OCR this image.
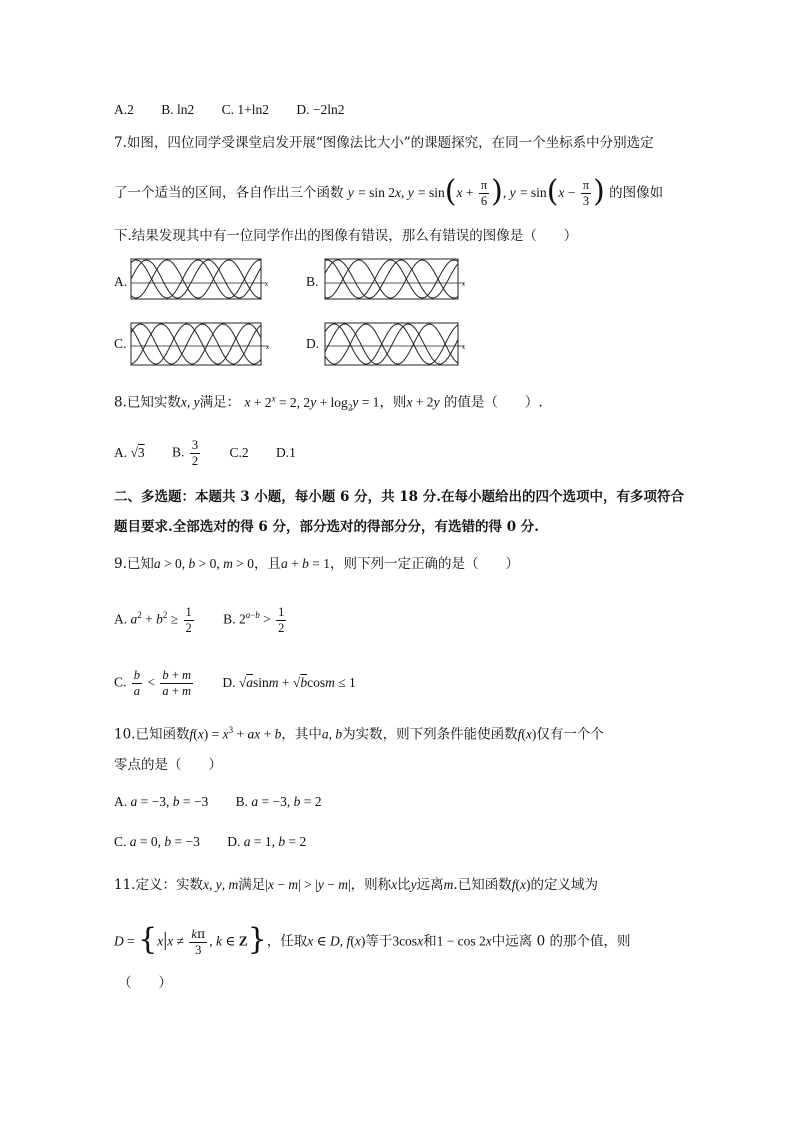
A.2 B. ln2 C. 1+ln2 D. −2ln2
7.如图，四位同学受课堂启发开展“图像法比大小”的课题探究，在同一个坐标系中分别选定
了一个适当的区间，各自作出三个函数 y = sin 2x, $y = \sin(x + \frac{\pi}{6}$ ), $y = \sin(x - \frac{\pi}{3}$ ) 的图像如
下.结果发现其中有一位同学作出的图像有错误，那么有错误的图像是（　　）
A.	B.
C.	D.
x	x
x	x
8.已知实数x, y满足： $x + 2^x = 2$, $2y + \log_2y = 1$，则x + 2y 的值是（　　）.
A. √3 B. $\frac{3}{2} C.2$ D.1
二、多选题：本题共 3 小题，每小题 6 分，共 18 分.在每小题给出的四个选项中，有多项符合
题目要求.全部选对的得 6 分，部分选对的得部分分，有选错的得 0 分.
9.已知a > 0, b > 0, m > 0，且a + b = 1，则下列一定正确的是（　　）
A. $a^2 + b^2 \ge \frac{1}{2} B$. $2^{a-b} > \frac{1}{2}$
C. $\frac{b}{a} < \frac{b + m}{a + m} D$. √asinm + √bcosm ≤ 1
10.已知函数$f(x) = x^3$ + ax + b，其中a, b为实数，则下列条件能使函数f(x)仅有一个个
零点的是（　　）
A. a = −3, b = −3 B. a = −3, b = 2
C. a = 0, b = −3 D. a = 1, b = 2
11.定义：实数x, y, m满足|x − m| > |y − m|，则称x比y远离m.已知函数f(x)的定义域为
$D = \{x|x \ne \frac{k\pi}{3}$ , k ∈ Z}，任取x ∈ D, f(x)等于3cosx和1 − cos 2x中远离 0 的那个值，则
（　　）
